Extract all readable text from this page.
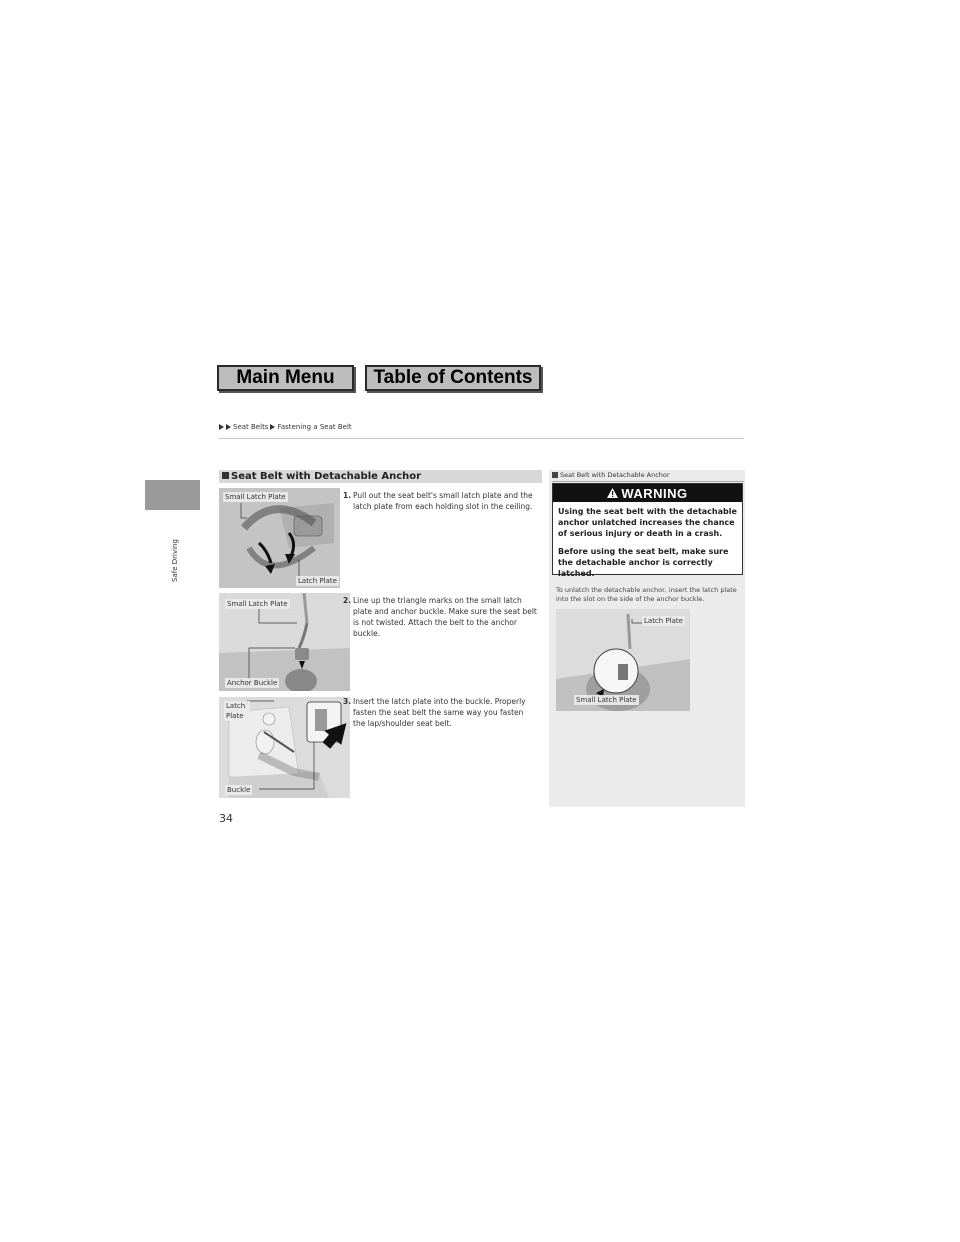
Main Menu	Table of Contents
Seat Belts Fastening a Seat Belt
Safe Driving
Seat Belt with Detachable Anchor
Small Latch Plate
Latch Plate
Small Latch Plate
Anchor Buckle
Latch Plate
Buckle
1. Pull out the seat belt's small latch plate and the latch plate from each holding slot in the ceiling.
2. Line up the triangle marks on the small latch plate and anchor buckle. Make sure the seat belt is not twisted. Attach the belt to the anchor buckle.
3. Insert the latch plate into the buckle. Properly fasten the seat belt the same way you fasten the lap/shoulder seat belt.
Seat Belt with Detachable Anchor
WARNING
Using the seat belt with the detachable anchor unlatched increases the chance of serious injury or death in a crash.
Before using the seat belt, make sure the detachable anchor is correctly latched.
To unlatch the detachable anchor, insert the latch plate into the slot on the side of the anchor buckle.
Latch Plate
Small Latch Plate
34
